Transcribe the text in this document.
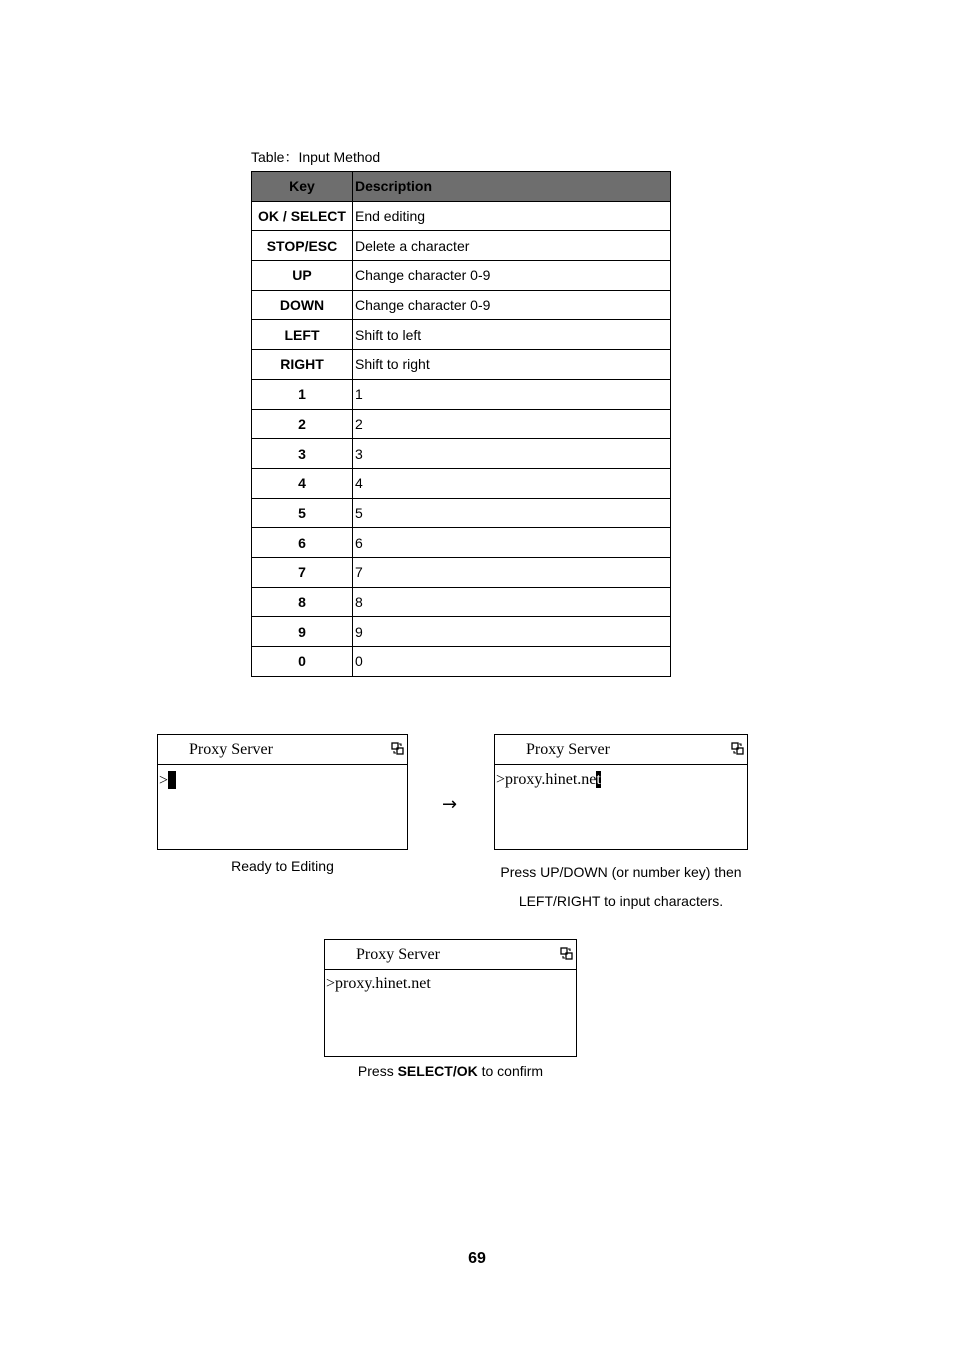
Table：Input Method
Key	Description
OK / SELECT	End editing
STOP/ESC	Delete a character
UP	Change character 0-9
DOWN	Change character 0-9
LEFT	Shift to left
RIGHT	Shift to right
1	1
2	2
3	3
4	4
5	5
6	6
7	7
8	8
9	9
0	0
Proxy Server
>
Ready to Editing
→
Proxy Server
>proxy.hinet.net
Press UP/DOWN (or number key) then
LEFT/RIGHT to input characters.
Proxy Server
>proxy.hinet.net
Press SELECT/OK to confirm
69
